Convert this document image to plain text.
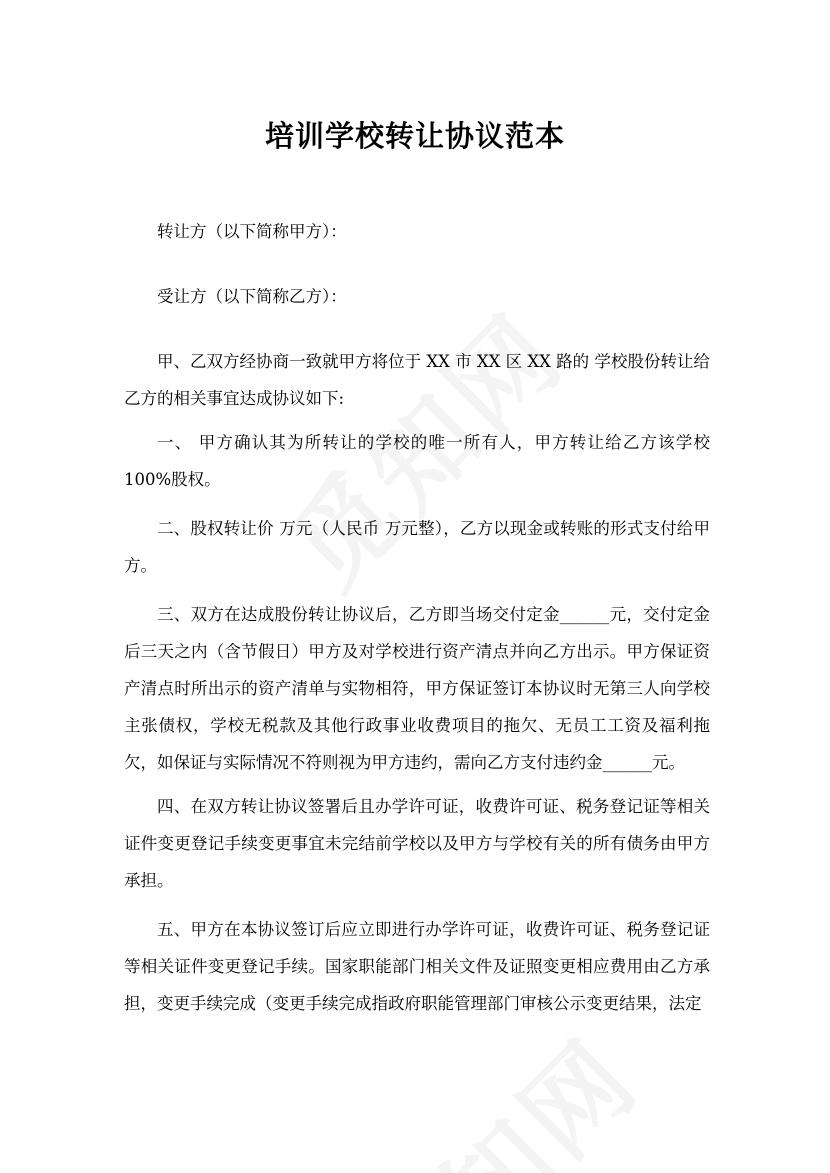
培训学校转让协议范本

转让方（以下简称甲方）：

受让方（以下简称乙方）：

甲、乙双方经协商一致就甲方将位于 XX 市 XX 区 XX 路的 学校股份转让给乙方的相关事宜达成协议如下:

一、 甲方确认其为所转让的学校的唯一所有人，甲方转让给乙方该学校 100%股权。

二、股权转让价 万元（人民币 万元整），乙方以现金或转账的形式支付给甲方。

三、双方在达成股份转让协议后，乙方即当场交付定金______元，交付定金后三天之内（含节假日）甲方及对学校进行资产清点并向乙方出示。甲方保证资产清点时所出示的资产清单与实物相符，甲方保证签订本协议时无第三人向学校主张债权，学校无税款及其他行政事业收费项目的拖欠、无员工工资及福利拖欠，如保证与实际情况不符则视为甲方违约，需向乙方支付违约金______元。

四、在双方转让协议签署后且办学许可证，收费许可证、税务登记证等相关证件变更登记手续变更事宜未完结前学校以及甲方与学校有关的所有债务由甲方承担。

五、甲方在本协议签订后应立即进行办学许可证，收费许可证、税务登记证等相关证件变更登记手续。国家职能部门相关文件及证照变更相应费用由乙方承担，变更手续完成（变更手续完成指政府职能管理部门审核公示变更结果，法定
